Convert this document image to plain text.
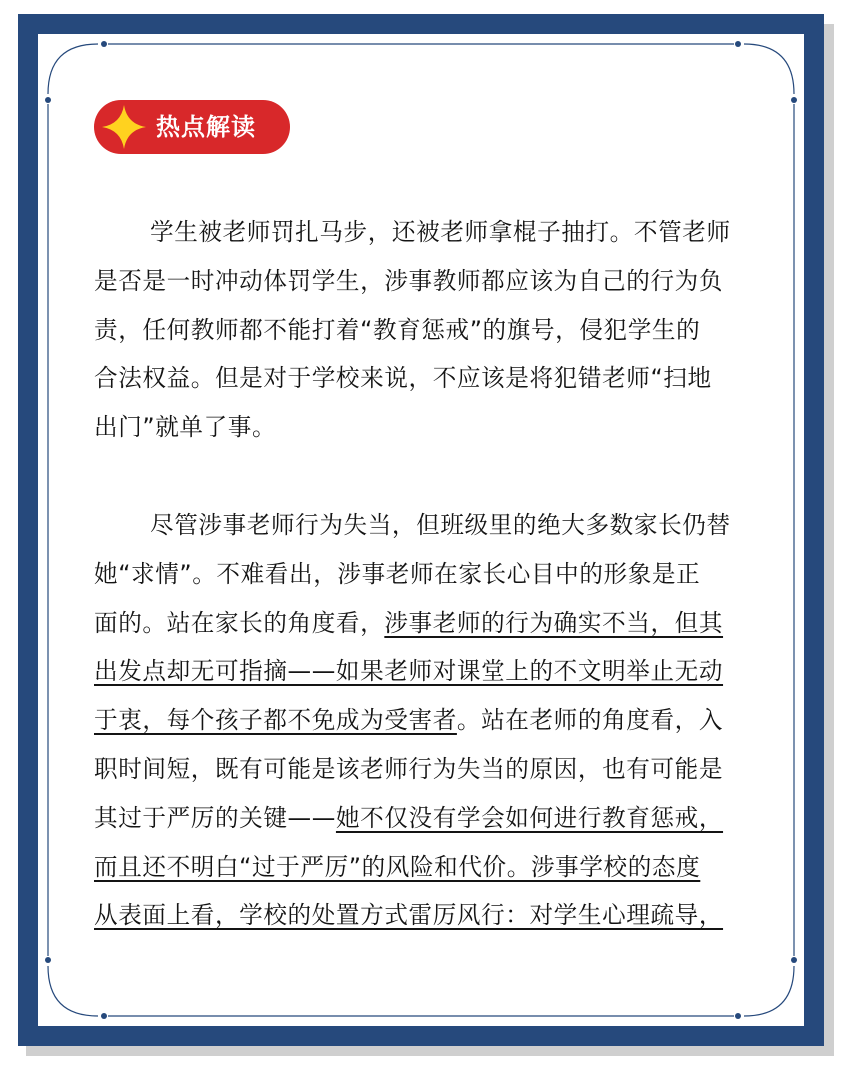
热点解读

学生被老师罚扎马步，还被老师拿棍子抽打。不管老师

是否是一时冲动体罚学生，涉事教师都应该为自己的行为负

责，任何教师都不能打着“教育惩戒”的旗号，侵犯学生的

合法权益。但是对于学校来说，不应该是将犯错老师“扫地

出门”就单了事。

尽管涉事老师行为失当，但班级里的绝大多数家长仍替

她“求情”。不难看出，涉事老师在家长心目中的形象是正

面的。站在家长的角度看，涉事老师的行为确实不当，但其

出发点却无可指摘——如果老师对课堂上的不文明举止无动

于衷，每个孩子都不免成为受害者。站在老师的角度看，入

职时间短，既有可能是该老师行为失当的原因，也有可能是

其过于严厉的关键——她不仅没有学会如何进行教育惩戒，

而且还不明白“过于严厉”的风险和代价。涉事学校的态度

从表面上看，学校的处置方式雷厉风行：对学生心理疏导，
